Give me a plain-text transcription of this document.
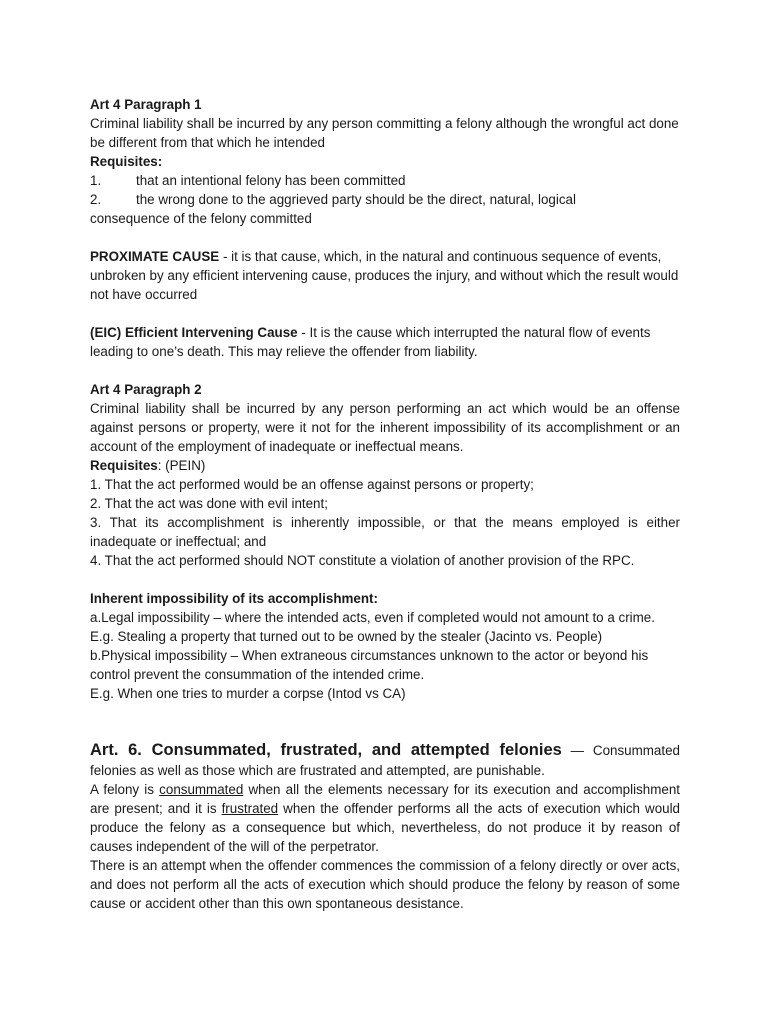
Art 4 Paragraph 1

Criminal liability shall be incurred by any person committing a felony although the wrongful act done be different from that which he intended

Requisites:

1.	that an intentional felony has been committed

2.	the wrong done to the aggrieved party should be the direct, natural, logical

consequence of the felony committed

PROXIMATE CAUSE - it is that cause, which, in the natural and continuous sequence of events, unbroken by any efficient intervening cause, produces the injury, and without which the result would not have occurred

(EIC) Efficient Intervening Cause - It is the cause which interrupted the natural flow of events leading to one’s death. This may relieve the offender from liability.

Art 4 Paragraph 2

Criminal liability shall be incurred by any person performing an act which would be an offense against persons or property, were it not for the inherent impossibility of its accomplishment or an account of the employment of inadequate or ineffectual means.

Requisites: (PEIN)

1. That the act performed would be an offense against persons or property;

2. That the act was done with evil intent;

3. That its accomplishment is inherently impossible, or that the means employed is either inadequate or ineffectual; and

4. That the act performed should NOT constitute a violation of another provision of the RPC.

Inherent impossibility of its accomplishment:

a.Legal impossibility – where the intended acts, even if completed would not amount to a crime.

E.g. Stealing a property that turned out to be owned by the stealer (Jacinto vs. People)

b.Physical impossibility – When extraneous circumstances unknown to the actor or beyond his control prevent the consummation of the intended crime.

E.g. When one tries to murder a corpse (Intod vs CA)

Art. 6. Consummated, frustrated, and attempted felonies — Consummated felonies as well as those which are frustrated and attempted, are punishable.

A felony is consummated when all the elements necessary for its execution and accomplishment are present; and it is frustrated when the offender performs all the acts of execution which would produce the felony as a consequence but which, nevertheless, do not produce it by reason of causes independent of the will of the perpetrator.

There is an attempt when the offender commences the commission of a felony directly or over acts, and does not perform all the acts of execution which should produce the felony by reason of some cause or accident other than this own spontaneous desistance.
